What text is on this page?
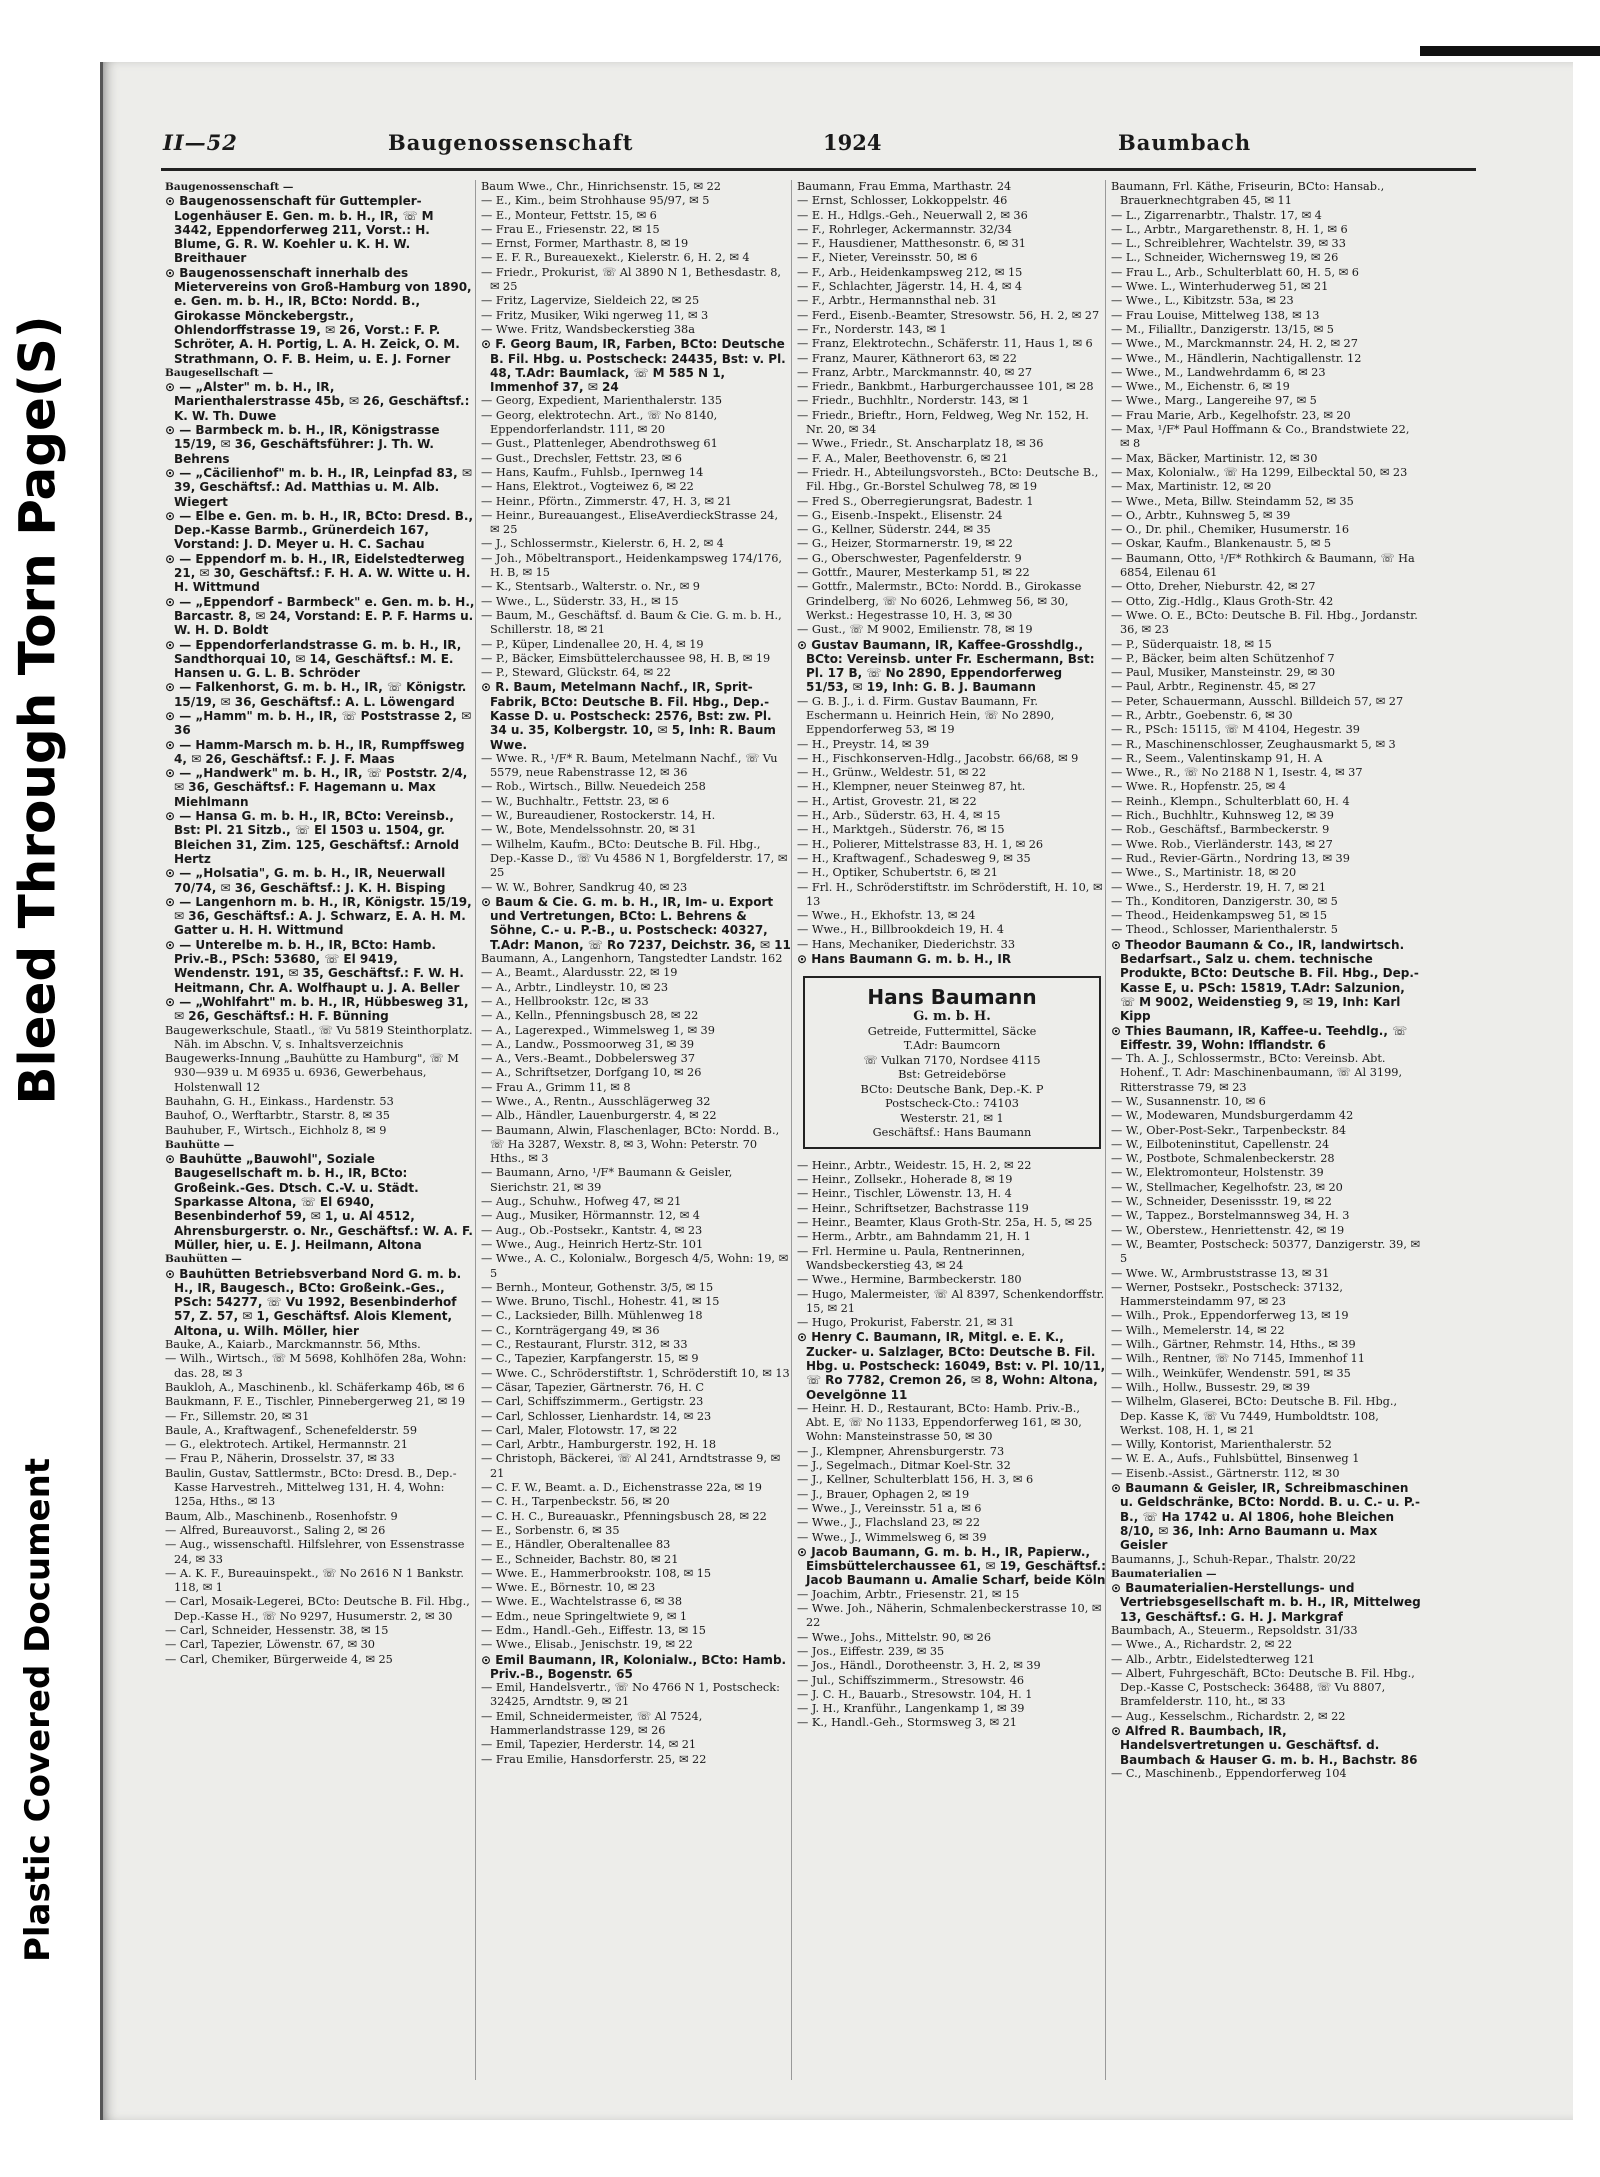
Bleed Through Torn Page(S)
Plastic Covered Document
II—52	Baugenossenschaft	1924	Baumbach

Baugenossenschaft —

⊙ Baugenossenschaft für Guttempler-Logenhäuser E. Gen. m. b. H., IR, ☏ M 3442, Eppendorferweg 211, Vorst.: H. Blume, G. R. W. Koehler u. K. H. W. Breithauer

⊙ Baugenossenschaft innerhalb des Mietervereins von Groß-Hamburg von 1890, e. Gen. m. b. H., IR, BCto: Nordd. B., Girokasse Mönckebergstr., Ohlendorffstrasse 19, ✉ 26, Vorst.: F. P. Schröter, A. H. Portig, L. A. H. Zeick, O. M. Strathmann, O. F. B. Heim, u. E. J. Forner

Baugesellschaft —

⊙ — „Alster" m. b. H., IR, Marienthalerstrasse 45b, ✉ 26, Geschäftsf.: K. W. Th. Duwe

⊙ — Barmbeck m. b. H., IR, Königstrasse 15/19, ✉ 36, Geschäftsführer: J. Th. W. Behrens

⊙ — „Cäcilienhof" m. b. H., IR, Leinpfad 83, ✉ 39, Geschäftsf.: Ad. Matthias u. M. Alb. Wiegert

⊙ — Elbe e. Gen. m. b. H., IR, BCto: Dresd. B., Dep.-Kasse Barmb., Grünerdeich 167, Vorstand: J. D. Meyer u. H. C. Sachau

⊙ — Eppendorf m. b. H., IR, Eidelstedterweg 21, ✉ 30, Geschäftsf.: F. H. A. W. Witte u. H. H. Wittmund

⊙ — „Eppendorf - Barmbeck" e. Gen. m. b. H., Barcastr. 8, ✉ 24, Vorstand: E. P. F. Harms u. W. H. D. Boldt

⊙ — Eppendorferlandstrasse G. m. b. H., IR, Sandthorquai 10, ✉ 14, Geschäftsf.: M. E. Hansen u. G. L. B. Schröder

⊙ — Falkenhorst, G. m. b. H., IR, ☏ Königstr. 15/19, ✉ 36, Geschäftsf.: A. L. Löwengard

⊙ — „Hamm" m. b. H., IR, ☏ Poststrasse 2, ✉ 36

⊙ — Hamm-Marsch m. b. H., IR, Rumpffsweg 4, ✉ 26, Geschäftsf.: F. J. F. Maas

⊙ — „Handwerk" m. b. H., IR, ☏ Poststr. 2/4, ✉ 36, Geschäftsf.: F. Hagemann u. Max Miehlmann

⊙ — Hansa G. m. b. H., IR, BCto: Vereinsb., Bst: Pl. 21 Sitzb., ☏ El 1503 u. 1504, gr. Bleichen 31, Zim. 125, Geschäftsf.: Arnold Hertz

⊙ — „Holsatia", G. m. b. H., IR, Neuerwall 70/74, ✉ 36, Geschäftsf.: J. K. H. Bisping

⊙ — Langenhorn m. b. H., IR, Königstr. 15/19, ✉ 36, Geschäftsf.: A. J. Schwarz, E. A. H. M. Gatter u. H. H. Wittmund

⊙ — Unterelbe m. b. H., IR, BCto: Hamb. Priv.-B., PSch: 53680, ☏ El 9419, Wendenstr. 191, ✉ 35, Geschäftsf.: F. W. H. Heitmann, Chr. A. Wolfhaupt u. J. A. Beller

⊙ — „Wohlfahrt" m. b. H., IR, Hübbesweg 31, ✉ 26, Geschäftsf.: H. F. Bünning

Baugewerkschule, Staatl., ☏ Vu 5819 Steinthorplatz. Näh. im Abschn. V, s. Inhaltsverzeichnis

Baugewerks-Innung „Bauhütte zu Hamburg", ☏ M 930—939 u. M 6935 u. 6936, Gewerbehaus, Holstenwall 12

Bauhahn, G. H., Einkass., Hardenstr. 53

Bauhof, O., Werftarbtr., Starstr. 8, ✉ 35

Bauhuber, F., Wirtsch., Eichholz 8, ✉ 9

Bauhütte —

⊙ Bauhütte „Bauwohl", Soziale Baugesellschaft m. b. H., IR, BCto: Großeink.-Ges. Dtsch. C.-V. u. Städt. Sparkasse Altona, ☏ El 6940, Besenbinderhof 59, ✉ 1, u. Al 4512, Ahrensburgerstr. o. Nr., Geschäftsf.: W. A. F. Müller, hier, u. E. J. Heilmann, Altona

Bauhütten —

⊙ Bauhütten Betriebsverband Nord G. m. b. H., IR, Baugesch., BCto: Großeink.-Ges., PSch: 54277, ☏ Vu 1992, Besenbinderhof 57, Z. 57, ✉ 1, Geschäftsf. Alois Klement, Altona, u. Wilh. Möller, hier

Bauke, A., Kaiarb., Marckmannstr. 56, Mths.

— Wilh., Wirtsch., ☏ M 5698, Kohlhöfen 28a, Wohn: das. 28, ✉ 3

Baukloh, A., Maschinenb., kl. Schäferkamp 46b, ✉ 6

Baukmann, F. E., Tischler, Pinnebergerweg 21, ✉ 19

— Fr., Sillemstr. 20, ✉ 31

Baule, A., Kraftwagenf., Schenefelderstr. 59

— G., elektrotech. Artikel, Hermannstr. 21

— Frau P., Näherin, Drosselstr. 37, ✉ 33

Baulin, Gustav, Sattlermstr., BCto: Dresd. B., Dep.-Kasse Harvestreh., Mittelweg 131, H. 4, Wohn: 125a, Hths., ✉ 13

Baum, Alb., Maschinenb., Rosenhofstr. 9

— Alfred, Bureauvorst., Saling 2, ✉ 26

— Aug., wissenschaftl. Hilfslehrer, von Essenstrasse 24, ✉ 33

— A. K. F., Bureauinspekt., ☏ No 2616 N 1 Bankstr. 118, ✉ 1

— Carl, Mosaik-Legerei, BCto: Deutsche B. Fil. Hbg., Dep.-Kasse H., ☏ No 9297, Husumerstr. 2, ✉ 30

— Carl, Schneider, Hessenstr. 38, ✉ 15

— Carl, Tapezier, Löwenstr. 67, ✉ 30

— Carl, Chemiker, Bürgerweide 4, ✉ 25

Baum Wwe., Chr., Hinrichsenstr. 15, ✉ 22

— E., Kim., beim Strohhause 95/97, ✉ 5

— E., Monteur, Fettstr. 15, ✉ 6

— Frau E., Friesenstr. 22, ✉ 15

— Ernst, Former, Marthastr. 8, ✉ 19

— E. F. R., Bureauexekt., Kielerstr. 6, H. 2, ✉ 4

— Friedr., Prokurist, ☏ Al 3890 N 1, Bethesdastr. 8, ✉ 25

— Fritz, Lagervize, Sieldeich 22, ✉ 25

— Fritz, Musiker, Wiki ngerweg 11, ✉ 3

— Wwe. Fritz, Wandsbeckerstieg 38a

⊙ F. Georg Baum, IR, Farben, BCto: Deutsche B. Fil. Hbg. u. Postscheck: 24435, Bst: v. Pl. 48, T.Adr: Baumlack, ☏ M 585 N 1, Immenhof 37, ✉ 24

— Georg, Expedient, Marienthalerstr. 135

— Georg, elektrotechn. Art., ☏ No 8140, Eppendorferlandstr. 111, ✉ 20

— Gust., Plattenleger, Abendrothsweg 61

— Gust., Drechsler, Fettstr. 23, ✉ 6

— Hans, Kaufm., Fuhlsb., Ipernweg 14

— Hans, Elektrot., Vogteiwez 6, ✉ 22

— Heinr., Pförtn., Zimmerstr. 47, H. 3, ✉ 21

— Heinr., Bureauangest., EliseAverdieckStrasse 24, ✉ 25

— J., Schlossermstr., Kielerstr. 6, H. 2, ✉ 4

— Joh., Möbeltransport., Heidenkampsweg 174/176, H. B, ✉ 15

— K., Stentsarb., Walterstr. o. Nr., ✉ 9

— Wwe., L., Süderstr. 33, H., ✉ 15

— Baum, M., Geschäftsf. d. Baum & Cie. G. m. b. H., Schillerstr. 18, ✉ 21

— P., Küper, Lindenallee 20, H. 4, ✉ 19

— P., Bäcker, Eimsbüttelerchaussee 98, H. B, ✉ 19

— P., Steward, Glückstr. 64, ✉ 22

⊙ R. Baum, Metelmann Nachf., IR, Sprit-Fabrik, BCto: Deutsche B. Fil. Hbg., Dep.-Kasse D. u. Postscheck: 2576, Bst: zw. Pl. 34 u. 35, Kolbergstr. 10, ✉ 5, Inh: R. Baum Wwe.

— Wwe. R., ¹/F* R. Baum, Metelmann Nachf., ☏ Vu 5579, neue Rabenstrasse 12, ✉ 36

— Rob., Wirtsch., Billw. Neuedeich 258

— W., Buchhaltr., Fettstr. 23, ✉ 6

— W., Bureaudiener, Rostockerstr. 14, H.

— W., Bote, Mendelssohnstr. 20, ✉ 31

— Wilhelm, Kaufm., BCto: Deutsche B. Fil. Hbg., Dep.-Kasse D., ☏ Vu 4586 N 1, Borgfelderstr. 17, ✉ 25

— W. W., Bohrer, Sandkrug 40, ✉ 23

⊙ Baum & Cie. G. m. b. H., IR, Im- u. Export und Vertretungen, BCto: L. Behrens & Söhne, C.- u. P.-B., u. Postscheck: 40327, T.Adr: Manon, ☏ Ro 7237, Deichstr. 36, ✉ 11

Baumann, A., Langenhorn, Tangstedter Landstr. 162

— A., Beamt., Alardusstr. 22, ✉ 19

— A., Arbtr., Lindleystr. 10, ✉ 23

— A., Hellbrookstr. 12c, ✉ 33

— A., Kelln., Pfenningsbusch 28, ✉ 22

— A., Lagerexped., Wimmelsweg 1, ✉ 39

— A., Landw., Possmoorweg 31, ✉ 39

— A., Vers.-Beamt., Dobbelersweg 37

— A., Schriftsetzer, Dorfgang 10, ✉ 26

— Frau A., Grimm 11, ✉ 8

— Wwe., A., Rentn., Ausschlägerweg 32

— Alb., Händler, Lauenburgerstr. 4, ✉ 22

— Baumann, Alwin, Flaschenlager, BCto: Nordd. B., ☏ Ha 3287, Wexstr. 8, ✉ 3, Wohn: Peterstr. 70 Hths., ✉ 3

— Baumann, Arno, ¹/F* Baumann & Geisler, Sierichstr. 21, ✉ 39

— Aug., Schuhw., Hofweg 47, ✉ 21

— Aug., Musiker, Hörmannstr. 12, ✉ 4

— Aug., Ob.-Postsekr., Kantstr. 4, ✉ 23

— Wwe., Aug., Heinrich Hertz-Str. 101

— Wwe., A. C., Kolonialw., Borgesch 4/5, Wohn: 19, ✉ 5

— Bernh., Monteur, Gothenstr. 3/5, ✉ 15

— Wwe. Bruno, Tischl., Hohestr. 41, ✉ 15

— C., Lacksieder, Billh. Mühlenweg 18

— C., Kornträgergang 49, ✉ 36

— C., Restaurant, Flurstr. 312, ✉ 33

— C., Tapezier, Karpfangerstr. 15, ✉ 9

— Wwe. C., Schröderstiftstr. 1, Schröderstift 10, ✉ 13

— Cäsar, Tapezier, Gärtnerstr. 76, H. C

— Carl, Schiffszimmerm., Gertigstr. 23

— Carl, Schlosser, Lienhardstr. 14, ✉ 23

— Carl, Maler, Flotowstr. 17, ✉ 22

— Carl, Arbtr., Hamburgerstr. 192, H. 18

— Christoph, Bäckerei, ☏ Al 241, Arndtstrasse 9, ✉ 21

— C. F. W., Beamt. a. D., Eichenstrasse 22a, ✉ 19

— C. H., Tarpenbeckstr. 56, ✉ 20

— C. H. C., Bureauaskr., Pfenningsbusch 28, ✉ 22

— E., Sorbenstr. 6, ✉ 35

— E., Händler, Oberaltenallee 83

— E., Schneider, Bachstr. 80, ✉ 21

— Wwe. E., Hammerbrookstr. 108, ✉ 15

— Wwe. E., Börnestr. 10, ✉ 23

— Wwe. E., Wachtelstrasse 6, ✉ 38

— Edm., neue Springeltwiete 9, ✉ 1

— Edm., Handl.-Geh., Eiffestr. 13, ✉ 15

— Wwe., Elisab., Jenischstr. 19, ✉ 22

⊙ Emil Baumann, IR, Kolonialw., BCto: Hamb. Priv.-B., Bogenstr. 65

— Emil, Handelsvertr., ☏ No 4766 N 1, Postscheck: 32425, Arndtstr. 9, ✉ 21

— Emil, Schneidermeister, ☏ Al 7524, Hammerlandstrasse 129, ✉ 26

— Emil, Tapezier, Herderstr. 14, ✉ 21

— Frau Emilie, Hansdorferstr. 25, ✉ 22

Baumann, Frau Emma, Marthastr. 24

— Ernst, Schlosser, Lokkoppelstr. 46

— E. H., Hdlgs.-Geh., Neuerwall 2, ✉ 36

— F., Rohrleger, Ackermannstr. 32/34

— F., Hausdiener, Matthesonstr. 6, ✉ 31

— F., Nieter, Vereinsstr. 50, ✉ 6

— F., Arb., Heidenkampsweg 212, ✉ 15

— F., Schlachter, Jägerstr. 14, H. 4, ✉ 4

— F., Arbtr., Hermannsthal neb. 31

— Ferd., Eisenb.-Beamter, Stresowstr. 56, H. 2, ✉ 27

— Fr., Norderstr. 143, ✉ 1

— Franz, Elektrotechn., Schäferstr. 11, Haus 1, ✉ 6

— Franz, Maurer, Käthnerort 63, ✉ 22

— Franz, Arbtr., Marckmannstr. 40, ✉ 27

— Friedr., Bankbmt., Harburgerchaussee 101, ✉ 28

— Friedr., Buchhltr., Norderstr. 143, ✉ 1

— Friedr., Brieftr., Horn, Feldweg, Weg Nr. 152, H. Nr. 20, ✉ 34

— Wwe., Friedr., St. Anscharplatz 18, ✉ 36

— F. A., Maler, Beethovenstr. 6, ✉ 21

— Friedr. H., Abteilungsvorsteh., BCto: Deutsche B., Fil. Hbg., Gr.-Borstel Schulweg 78, ✉ 19

— Fred S., Oberregierungsrat, Badestr. 1

— G., Eisenb.-Inspekt., Elisenstr. 24

— G., Kellner, Süderstr. 244, ✉ 35

— G., Heizer, Stormarnerstr. 19, ✉ 22

— G., Oberschwester, Pagenfelderstr. 9

— Gottfr., Maurer, Mesterkamp 51, ✉ 22

— Gottfr., Malermstr., BCto: Nordd. B., Girokasse Grindelberg, ☏ No 6026, Lehmweg 56, ✉ 30, Werkst.: Hegestrasse 10, H. 3, ✉ 30

— Gust., ☏ M 9002, Emilienstr. 78, ✉ 19

⊙ Gustav Baumann, IR, Kaffee-Grosshdlg., BCto: Vereinsb. unter Fr. Eschermann, Bst: Pl. 17 B, ☏ No 2890, Eppendorferweg 51/53, ✉ 19, Inh: G. B. J. Baumann

— G. B. J., i. d. Firm. Gustav Baumann, Fr. Eschermann u. Heinrich Hein, ☏ No 2890, Eppendorferweg 53, ✉ 19

— H., Preystr. 14, ✉ 39

— H., Fischkonserven-Hdlg., Jacobstr. 66/68, ✉ 9

— H., Grünw., Weldestr. 51, ✉ 22

— H., Klempner, neuer Steinweg 87, ht.

— H., Artist, Grovestr. 21, ✉ 22

— H., Arb., Süderstr. 63, H. 4, ✉ 15

— H., Marktgeh., Süderstr. 76, ✉ 15

— H., Polierer, Mittelstrasse 83, H. 1, ✉ 26

— H., Kraftwagenf., Schadesweg 9, ✉ 35

— H., Optiker, Schubertstr. 6, ✉ 21

— Frl. H., Schröderstiftstr. im Schröderstift, H. 10, ✉ 13

— Wwe., H., Ekhofstr. 13, ✉ 24

— Wwe., H., Billbrookdeich 19, H. 4

— Hans, Mechaniker, Diederichstr. 33

⊙ Hans Baumann G. m. b. H., IR

Hans Baumann
G. m. b. H.
Getreide, Futtermittel, Säcke
T.Adr: Baumcorn
☏ Vulkan 7170, Nordsee 4115
Bst: Getreidebörse
BCto: Deutsche Bank, Dep.-K. P
Postscheck-Cto.: 74103
Westerstr. 21, ✉ 1
Geschäftsf.: Hans Baumann

— Heinr., Arbtr., Weidestr. 15, H. 2, ✉ 22

— Heinr., Zollsekr., Hoherade 8, ✉ 19

— Heinr., Tischler, Löwenstr. 13, H. 4

— Heinr., Schriftsetzer, Bachstrasse 119

— Heinr., Beamter, Klaus Groth-Str. 25a, H. 5, ✉ 25

— Herm., Arbtr., am Bahndamm 21, H. 1

— Frl. Hermine u. Paula, Rentnerinnen, Wandsbeckerstieg 43, ✉ 24

— Wwe., Hermine, Barmbeckerstr. 180

— Hugo, Malermeister, ☏ Al 8397, Schenkendorffstr. 15, ✉ 21

— Hugo, Prokurist, Faberstr. 21, ✉ 31

⊙ Henry C. Baumann, IR, Mitgl. e. E. K., Zucker- u. Salzlager, BCto: Deutsche B. Fil. Hbg. u. Postscheck: 16049, Bst: v. Pl. 10/11, ☏ Ro 7782, Cremon 26, ✉ 8, Wohn: Altona, Oevelgönne 11

— Heinr. H. D., Restaurant, BCto: Hamb. Priv.-B., Abt. E, ☏ No 1133, Eppendorferweg 161, ✉ 30, Wohn: Mansteinstrasse 50, ✉ 30

— J., Klempner, Ahrensburgerstr. 73

— J., Segelmach., Ditmar Koel-Str. 32

— J., Kellner, Schulterblatt 156, H. 3, ✉ 6

— J., Brauer, Ophagen 2, ✉ 19

— Wwe., J., Vereinsstr. 51 a, ✉ 6

— Wwe., J., Flachsland 23, ✉ 22

— Wwe., J., Wimmelsweg 6, ✉ 39

⊙ Jacob Baumann, G. m. b. H., IR, Papierw., Eimsbüttelerchaussee 61, ✉ 19, Geschäftsf.: Jacob Baumann u. Amalie Scharf, beide Köln

— Joachim, Arbtr., Friesenstr. 21, ✉ 15

— Wwe. Joh., Näherin, Schmalenbeckerstrasse 10, ✉ 22

— Wwe., Johs., Mittelstr. 90, ✉ 26

— Jos., Eiffestr. 239, ✉ 35

— Jos., Händl., Dorotheenstr. 3, H. 2, ✉ 39

— Jul., Schiffszimmerm., Stresowstr. 46

— J. C. H., Bauarb., Stresowstr. 104, H. 1

— J. H., Kranführ., Langenkamp 1, ✉ 39

— K., Handl.-Geh., Stormsweg 3, ✉ 21

Baumann, Frl. Käthe, Friseurin, BCto: Hansab., Brauerknechtgraben 45, ✉ 11

— L., Zigarrenarbtr., Thalstr. 17, ✉ 4

— L., Arbtr., Margarethenstr. 8, H. 1, ✉ 6

— L., Schreiblehrer, Wachtelstr. 39, ✉ 33

— L., Schneider, Wichernsweg 19, ✉ 26

— Frau L., Arb., Schulterblatt 60, H. 5, ✉ 6

— Wwe. L., Winterhuderweg 51, ✉ 21

— Wwe., L., Kibitzstr. 53a, ✉ 23

— Frau Louise, Mittelweg 138, ✉ 13

— M., Filialltr., Danzigerstr. 13/15, ✉ 5

— Wwe., M., Marckmannstr. 24, H. 2, ✉ 27

— Wwe., M., Händlerin, Nachtigallenstr. 12

— Wwe., M., Landwehrdamm 6, ✉ 23

— Wwe., M., Eichenstr. 6, ✉ 19

— Wwe., Marg., Langereihe 97, ✉ 5

— Frau Marie, Arb., Kegelhofstr. 23, ✉ 20

— Max, ¹/F* Paul Hoffmann & Co., Brandstwiete 22, ✉ 8

— Max, Bäcker, Martinistr. 12, ✉ 30

— Max, Kolonialw., ☏ Ha 1299, Eilbecktal 50, ✉ 23

— Max, Martinistr. 12, ✉ 20

— Wwe., Meta, Billw. Steindamm 52, ✉ 35

— O., Arbtr., Kuhnsweg 5, ✉ 39

— O., Dr. phil., Chemiker, Husumerstr. 16

— Oskar, Kaufm., Blankenaustr. 5, ✉ 5

— Baumann, Otto, ¹/F* Rothkirch & Baumann, ☏ Ha 6854, Eilenau 61

— Otto, Dreher, Nieburstr. 42, ✉ 27

— Otto, Zig.-Hdlg., Klaus Groth-Str. 42

— Wwe. O. E., BCto: Deutsche B. Fil. Hbg., Jordanstr. 36, ✉ 23

— P., Süderquaistr. 18, ✉ 15

— P., Bäcker, beim alten Schützenhof 7

— Paul, Musiker, Mansteinstr. 29, ✉ 30

— Paul, Arbtr., Reginenstr. 45, ✉ 27

— Peter, Schauermann, Ausschl. Billdeich 57, ✉ 27

— R., Arbtr., Goebenstr. 6, ✉ 30

— R., PSch: 15115, ☏ M 4104, Hegestr. 39

— R., Maschinenschlosser, Zeughausmarkt 5, ✉ 3

— R., Seem., Valentinskamp 91, H. A

— Wwe., R., ☏ No 2188 N 1, Isestr. 4, ✉ 37

— Wwe. R., Hopfenstr. 25, ✉ 4

— Reinh., Klempn., Schulterblatt 60, H. 4

— Rich., Buchhltr., Kuhnsweg 12, ✉ 39

— Rob., Geschäftsf., Barmbeckerstr. 9

— Wwe. Rob., Vierländerstr. 143, ✉ 27

— Rud., Revier-Gärtn., Nordring 13, ✉ 39

— Wwe., S., Martinistr. 18, ✉ 20

— Wwe., S., Herderstr. 19, H. 7, ✉ 21

— Th., Konditoren, Danzigerstr. 30, ✉ 5

— Theod., Heidenkampsweg 51, ✉ 15

— Theod., Schlosser, Marienthalerstr. 5

⊙ Theodor Baumann & Co., IR, landwirtsch. Bedarfsart., Salz u. chem. technische Produkte, BCto: Deutsche B. Fil. Hbg., Dep.-Kasse E, u. PSch: 15819, T.Adr: Salzunion, ☏ M 9002, Weidenstieg 9, ✉ 19, Inh: Karl Kipp

⊙ Thies Baumann, IR, Kaffee-u. Teehdlg., ☏ Eiffestr. 39, Wohn: Ifflandstr. 6

— Th. A. J., Schlossermstr., BCto: Vereinsb. Abt. Hohenf., T. Adr: Maschinenbaumann, ☏ Al 3199, Ritterstrasse 79, ✉ 23

— W., Susannenstr. 10, ✉ 6

— W., Modewaren, Mundsburgerdamm 42

— W., Ober-Post-Sekr., Tarpenbeckstr. 84

— W., Eilboteninstitut, Capellenstr. 24

— W., Postbote, Schmalenbeckerstr. 28

— W., Elektromonteur, Holstenstr. 39

— W., Stellmacher, Kegelhofstr. 23, ✉ 20

— W., Schneider, Desenissstr. 19, ✉ 22

— W., Tappez., Borstelmannsweg 34, H. 3

— W., Oberstew., Henriettenstr. 42, ✉ 19

— W., Beamter, Postscheck: 50377, Danzigerstr. 39, ✉ 5

— Wwe. W., Armbruststrasse 13, ✉ 31

— Werner, Postsekr., Postscheck: 37132, Hammersteindamm 97, ✉ 23

— Wilh., Prok., Eppendorferweg 13, ✉ 19

— Wilh., Memelerstr. 14, ✉ 22

— Wilh., Gärtner, Rehmstr. 14, Hths., ✉ 39

— Wilh., Rentner, ☏ No 7145, Immenhof 11

— Wilh., Weinküfer, Wendenstr. 591, ✉ 35

— Wilh., Hollw., Bussestr. 29, ✉ 39

— Wilhelm, Glaserei, BCto: Deutsche B. Fil. Hbg., Dep. Kasse K, ☏ Vu 7449, Humboldtstr. 108, Werkst. 108, H. 1, ✉ 21

— Willy, Kontorist, Marienthalerstr. 52

— W. E. A., Aufs., Fuhlsbüttel, Binsenweg 1

— Eisenb.-Assist., Gärtnerstr. 112, ✉ 30

⊙ Baumann & Geisler, IR, Schreibmaschinen u. Geldschränke, BCto: Nordd. B. u. C.- u. P.-B., ☏ Ha 1742 u. Al 1806, hohe Bleichen 8/10, ✉ 36, Inh: Arno Baumann u. Max Geisler

Baumanns, J., Schuh-Repar., Thalstr. 20/22

Baumaterialien —

⊙ Baumaterialien-Herstellungs- und Vertriebsgesellschaft m. b. H., IR, Mittelweg 13, Geschäftsf.: G. H. J. Markgraf

Baumbach, A., Steuerm., Repsoldstr. 31/33

— Wwe., A., Richardstr. 2, ✉ 22

— Alb., Arbtr., Eidelstedterweg 121

— Albert, Fuhrgeschäft, BCto: Deutsche B. Fil. Hbg., Dep.-Kasse C, Postscheck: 36488, ☏ Vu 8807, Bramfelderstr. 110, ht., ✉ 33

— Aug., Kesselschm., Richardstr. 2, ✉ 22

⊙ Alfred R. Baumbach, IR, Handelsvertretungen u. Geschäftsf. d. Baumbach & Hauser G. m. b. H., Bachstr. 86

— C., Maschinenb., Eppendorferweg 104
